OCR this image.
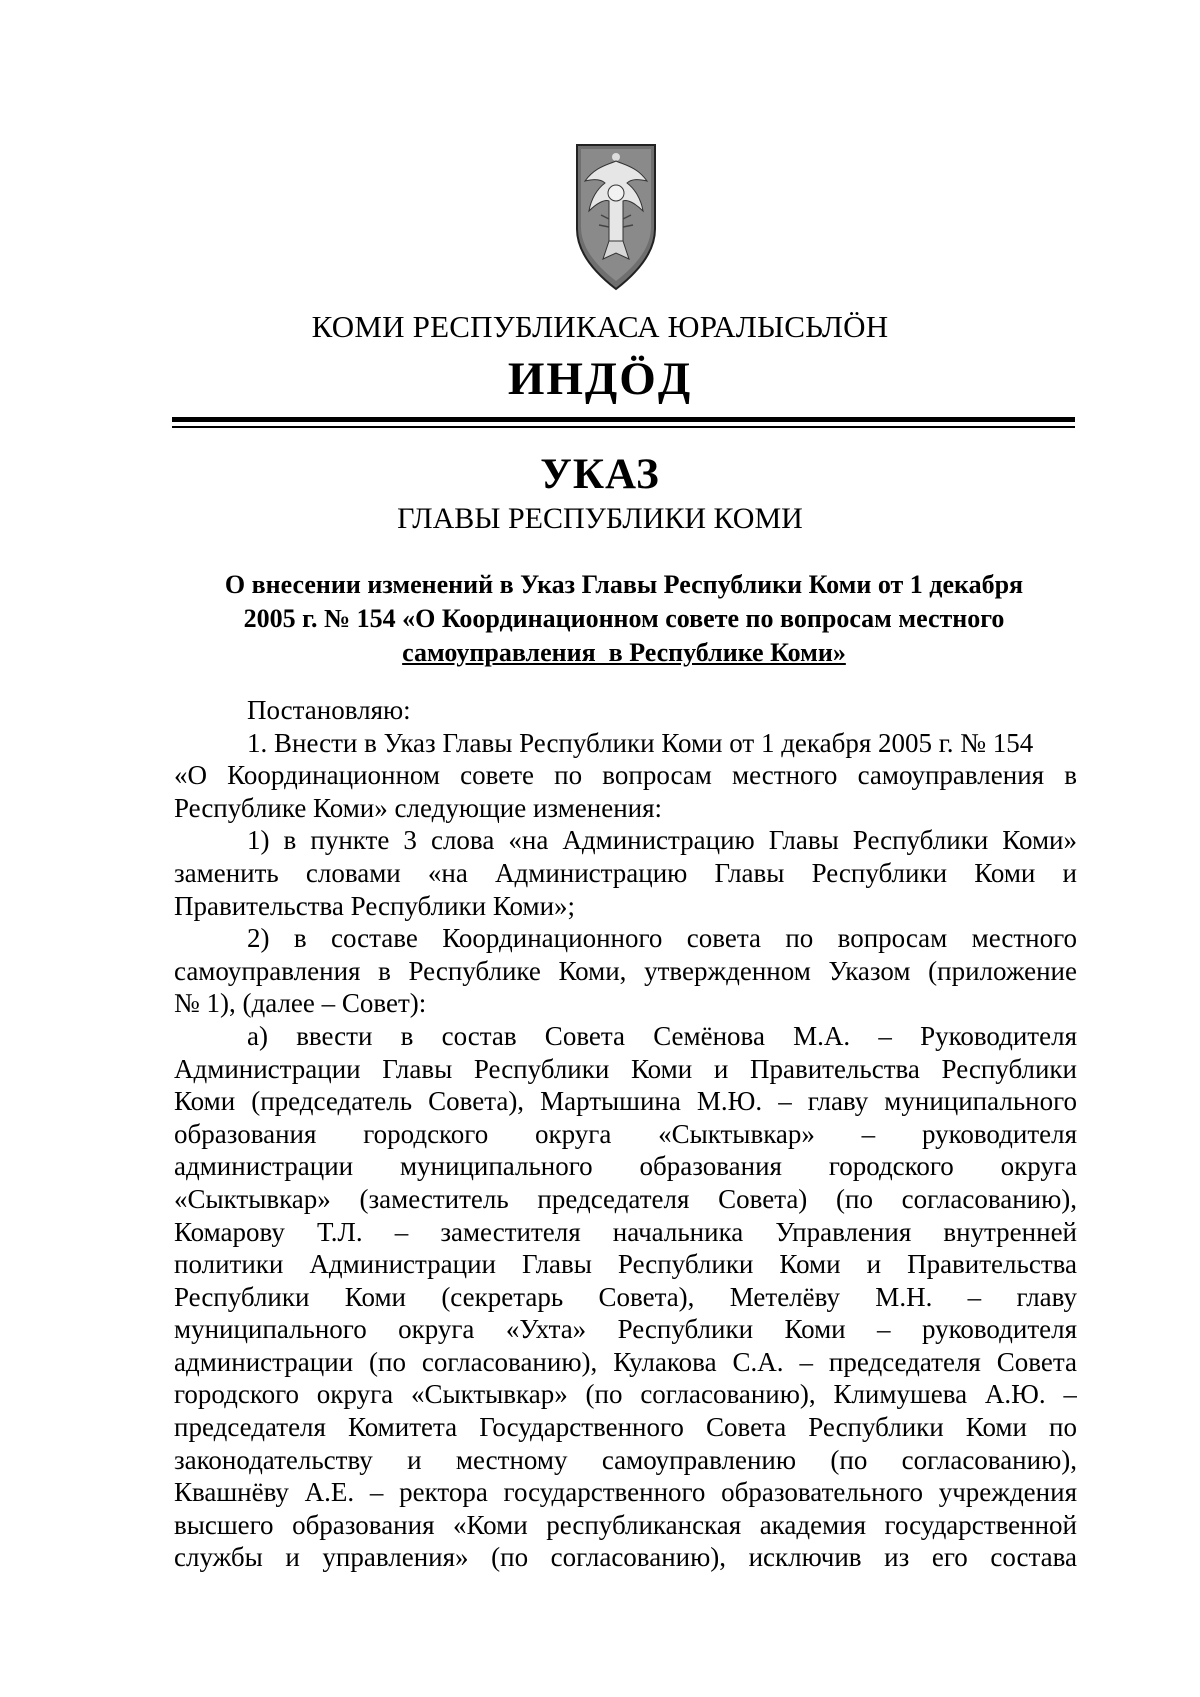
КОМИ РЕСПУБЛИКАСА ЮРАЛЫСЬЛӦН
ИНДӦД
УКАЗ
ГЛАВЫ РЕСПУБЛИКИ КОМИ
О внесении изменений в Указ Главы Республики Коми от 1 декабря
2005 г. № 154 «О Координационном совете по вопросам местного
самоуправления  в Республике Коми»
Постановляю:
1. Внести в Указ Главы Республики Коми от 1 декабря 2005 г. № 154
«О Координационном совете по вопросам местного самоуправления в
Республике Коми» следующие изменения:
1) в пункте 3 слова «на Администрацию Главы Республики Коми»
заменить словами «на Администрацию Главы Республики Коми и
Правительства Республики Коми»;
2) в составе Координационного совета по вопросам местного
самоуправления в Республике Коми, утвержденном Указом (приложение
№ 1), (далее – Совет):
а) ввести в состав Совета Семёнова М.А. – Руководителя
Администрации Главы Республики Коми и Правительства Республики
Коми (председатель Совета), Мартышина М.Ю. – главу муниципального
образования городского округа «Сыктывкар» – руководителя
администрации муниципального образования городского округа
«Сыктывкар» (заместитель председателя Совета) (по согласованию),
Комарову Т.Л. – заместителя начальника Управления внутренней
политики Администрации Главы Республики Коми и Правительства
Республики Коми (секретарь Совета), Метелёву М.Н. – главу
муниципального округа «Ухта» Республики Коми – руководителя
администрации (по согласованию), Кулакова С.А. – председателя Совета
городского округа «Сыктывкар» (по согласованию), Климушева А.Ю. –
председателя Комитета Государственного Совета Республики Коми по
законодательству и местному самоуправлению (по согласованию),
Квашнёву А.Е. – ректора государственного образовательного учреждения
высшего образования «Коми республиканская академия государственной
службы и управления» (по согласованию), исключив из его состава
